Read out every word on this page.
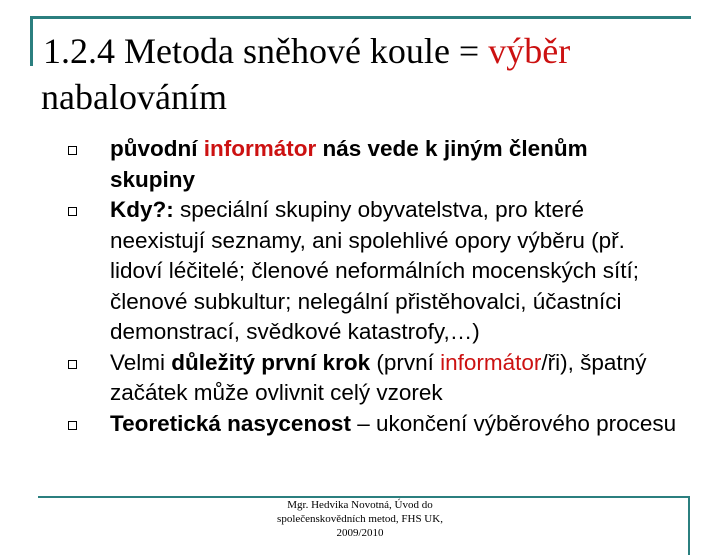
1.2.4 Metoda sněhové koule = výběr
nabalováním
původní informátor nás vede k jiným členům skupiny
Kdy?: speciální skupiny obyvatelstva, pro které neexistují seznamy, ani spolehlivé opory výběru (př. lidoví léčitelé; členové neformálních mocenských sítí; členové subkultur; nelegální přistěhovalci, účastníci demonstrací, svědkové katastrofy,…)
Velmi důležitý první krok (první informátor/ři), špatný začátek může ovlivnit celý vzorek
Teoretická nasycenost – ukončení výběrového procesu
Mgr. Hedvika Novotná, Úvod do
společenskovědních metod, FHS UK,
2009/2010
